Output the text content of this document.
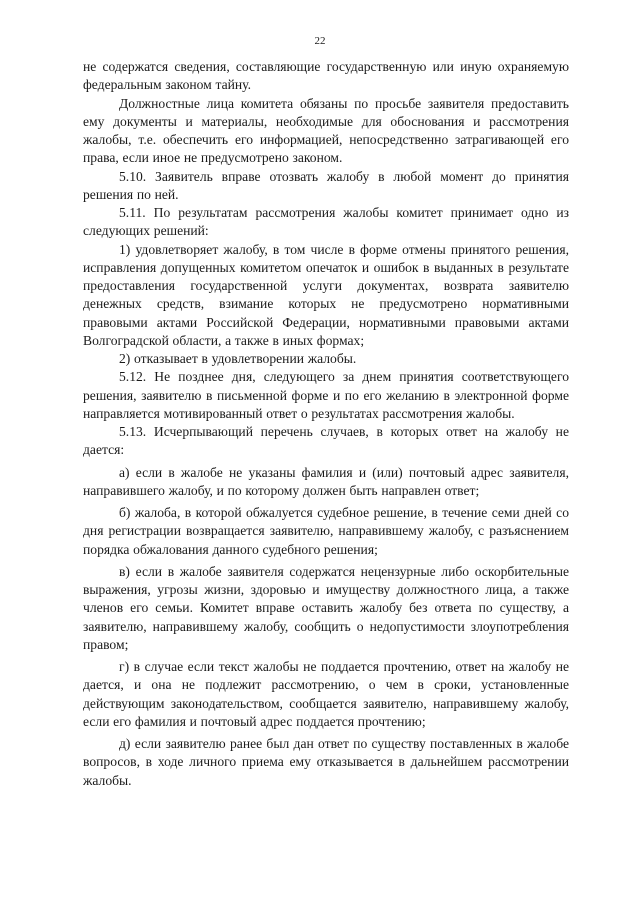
22

не содержатся сведения, составляющие государственную или иную охраняемую федеральным законом тайну.

Должностные лица комитета обязаны по просьбе заявителя предоставить ему документы и материалы, необходимые для обоснования и рассмотрения жалобы, т.е. обеспечить его информацией, непосредственно затрагивающей его права, если иное не предусмотрено законом.

5.10. Заявитель вправе отозвать жалобу в любой момент до принятия решения по ней.

5.11. По результатам рассмотрения жалобы комитет принимает одно из следующих решений:

1) удовлетворяет жалобу, в том числе в форме отмены принятого решения, исправления допущенных комитетом опечаток и ошибок в выданных в результате предоставления государственной услуги документах, возврата заявителю денежных средств, взимание которых не предусмотрено нормативными правовыми актами Российской Федерации, нормативными правовыми актами Волгоградской области, а также в иных формах;

2) отказывает в удовлетворении жалобы.

5.12. Не позднее дня, следующего за днем принятия соответствующего решения, заявителю в письменной форме и по его желанию в электронной форме направляется мотивированный ответ о результатах рассмотрения жалобы.

5.13. Исчерпывающий перечень случаев, в которых ответ на жалобу не дается:

а) если в жалобе не указаны фамилия и (или) почтовый адрес заявителя, направившего жалобу, и по которому должен быть направлен ответ;

б) жалоба, в которой обжалуется судебное решение, в течение семи дней со дня регистрации возвращается заявителю, направившему жалобу, с разъяснением порядка обжалования данного судебного решения;

в) если в жалобе заявителя содержатся нецензурные либо оскорбительные выражения, угрозы жизни, здоровью и имуществу должностного лица, а также членов его семьи. Комитет вправе оставить жалобу без ответа по существу, а заявителю, направившему жалобу, сообщить о недопустимости злоупотребления правом;

г) в случае если текст жалобы не поддается прочтению, ответ на жалобу не дается, и она не подлежит рассмотрению, о чем в сроки, установленные действующим законодательством, сообщается заявителю, направившему жалобу, если его фамилия и почтовый адрес поддается прочтению;

д) если заявителю ранее был дан ответ по существу поставленных в жалобе вопросов, в ходе личного приема ему отказывается в дальнейшем рассмотрении жалобы.
